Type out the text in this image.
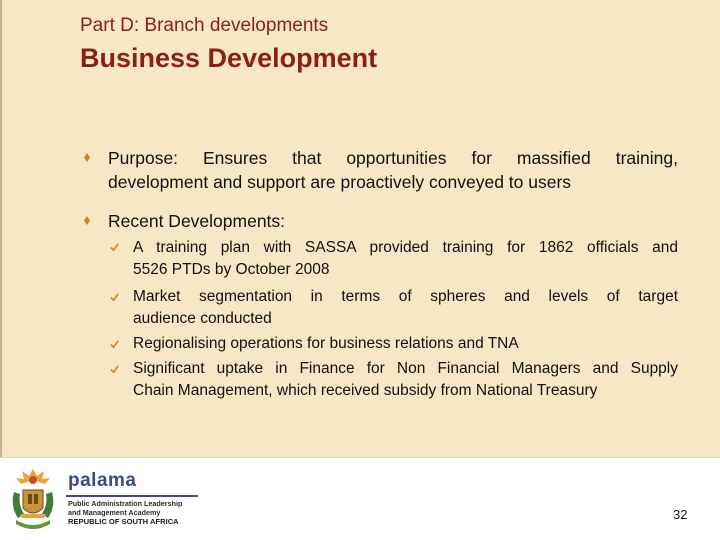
Part D: Branch developments
Business Development
Purpose: Ensures that opportunities for massified training,
development and support are proactively conveyed to users
Recent Developments:
A training plan with SASSA provided training for 1862 officials and
5526 PTDs by October 2008
Market segmentation in terms of spheres and levels of target
audience conducted
Regionalising operations for business relations and TNA
Significant uptake in Finance for Non Financial Managers and Supply
Chain Management, which received subsidy from National Treasury
palama
Public Administration Leadership
and Management Academy
REPUBLIC OF SOUTH AFRICA	32
